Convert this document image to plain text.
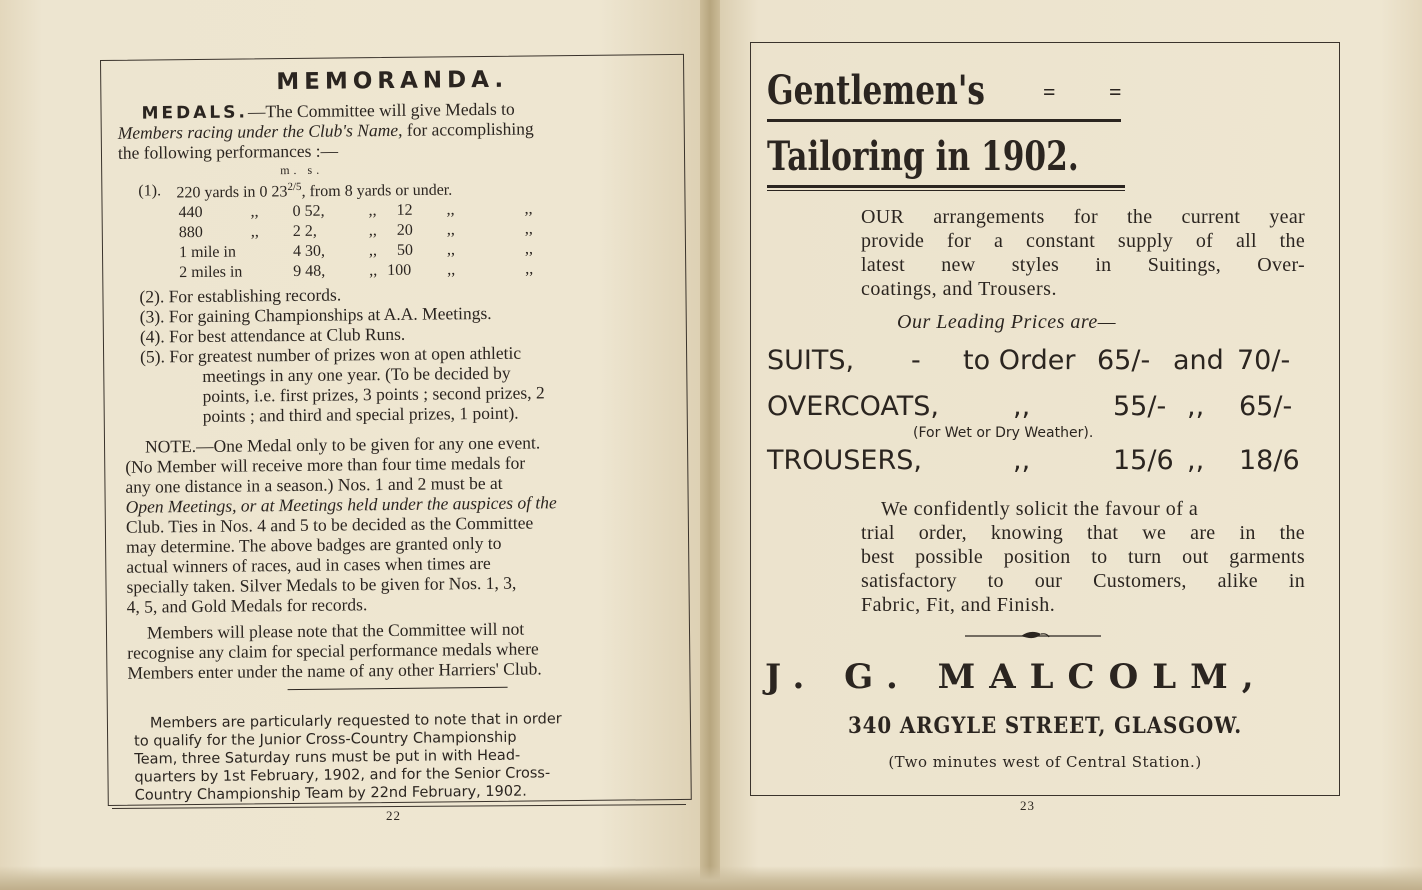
MEMORANDA.
MEDALS.—The Committee will give Medals to
Members racing under the Club's Name, for accomplishing
the following performances :—
m. s.
(1). 220 yards in 0 $23^{2/5}$, from 8 yards or under.
440	,, 0 52,	,, 12 ,,	,,
880	,, 2 2,	,, 20 ,,	,,
1 mile in	4 30,	,, 50 ,,	,,
2 miles in	9 48,	,, 100 ,,	,,
(2). For establishing records.
(3). For gaining Championships at A.A. Meetings.
(4). For best attendance at Club Runs.
(5). For greatest number of prizes won at open athletic
meetings in any one year. (To be decided by
points, i.e. first prizes, 3 points ; second prizes, 2
points ; and third and special prizes, 1 point).
NOTE.—One Medal only to be given for any one event.
(No Member will receive more than four time medals for
any one distance in a season.) Nos. 1 and 2 must be at
Open Meetings, or at Meetings held under the auspices of the
Club. Ties in Nos. 4 and 5 to be decided as the Committee
may determine. The above badges are granted only to
actual winners of races, aud in cases when times are
specially taken. Silver Medals to be given for Nos. 1, 3,
4, 5, and Gold Medals for records.
Members will please note that the Committee will not
recognise any claim for special performance medals where
Members enter under the name of any other Harriers' Club.
Members are particularly requested to note that in order
to qualify for the Junior Cross-Country Championship
Team, three Saturday runs must be put in with Head-
quarters by 1st February, 1902, and for the Senior Cross-
Country Championship Team by 22nd February, 1902.
22
Gentlemen's	= =
Tailoring in 1902.
OUR arrangements for the current year
provide for a constant supply of all the
latest new styles in Suitings, Over-
coatings, and Trousers.
Our Leading Prices are—
SUITS, - to Order 65/- and 70/-
OVERCOATS,	,,	55/- ,, 65/-
(For Wet or Dry Weather).
TROUSERS,	,,	15/6 ,, 18/6
We confidently solicit the favour of a
trial order, knowing that we are in the
best possible position to turn out garments
satisfactory to our Customers, alike in
Fabric, Fit, and Finish.
J. G. MALCOLM,
340 ARGYLE STREET, GLASGOW.
(Two minutes west of Central Station.)
23
